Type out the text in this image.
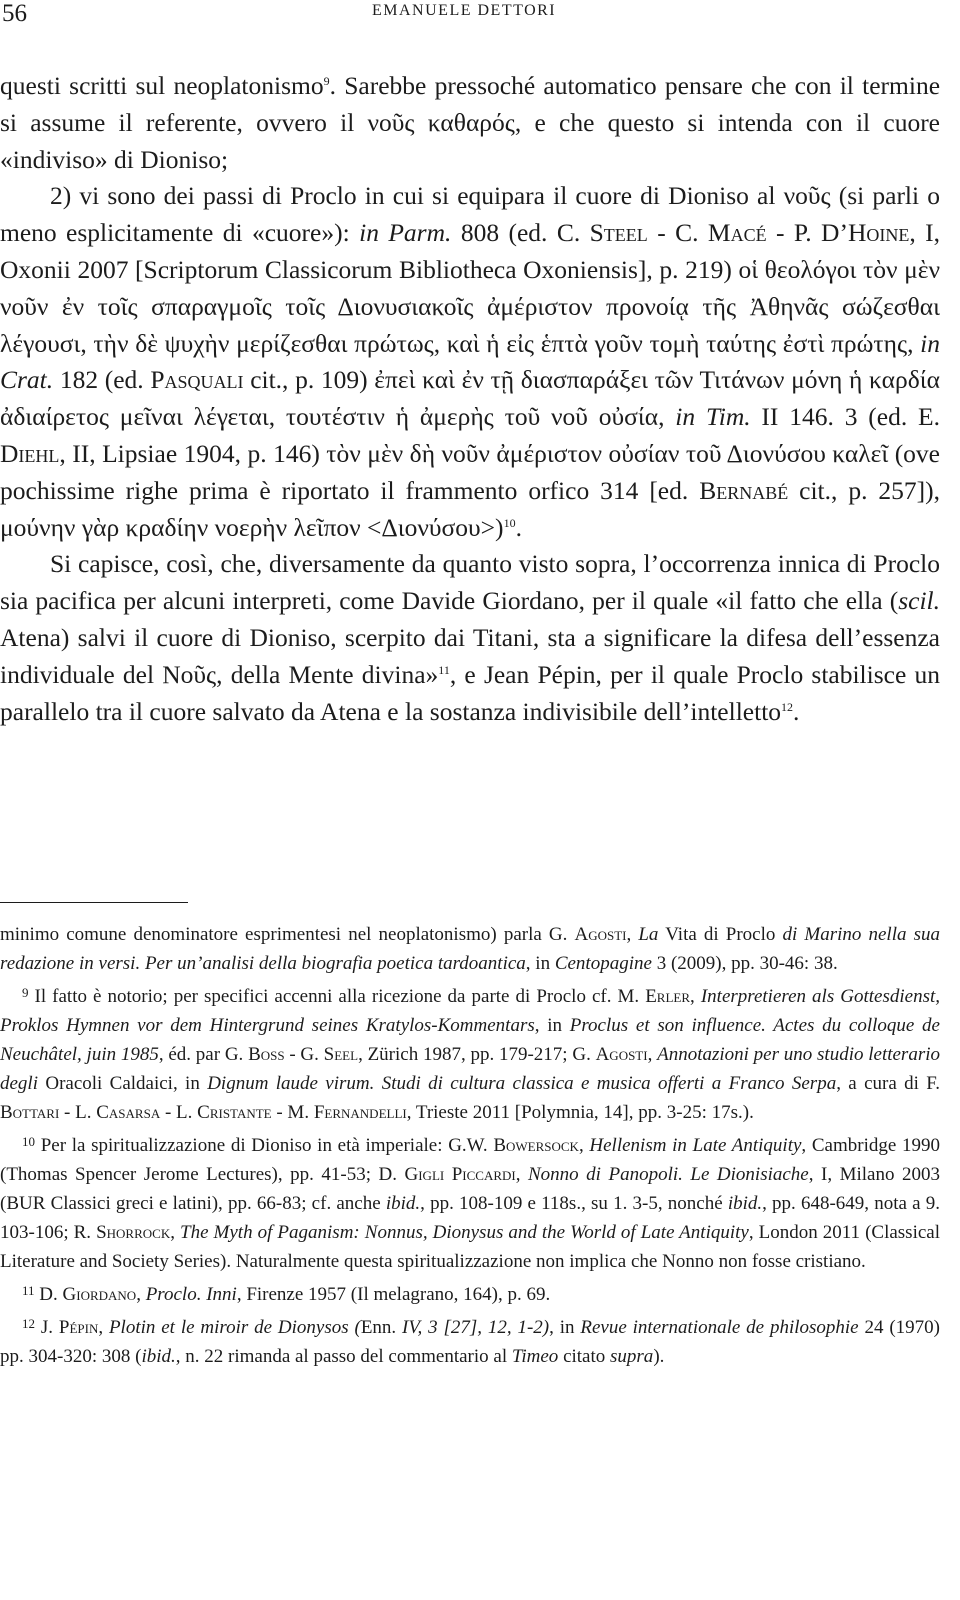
56	EMANUELE DETTORI

questi scritti sul neoplatonismo$^9$. Sarebbe pressoché automatico pensare che con il termine si assume il referente, ovvero il νοῦς καθαρός, e che questo si intenda con il cuore «indiviso» di Dioniso;

2) vi sono dei passi di Proclo in cui si equipara il cuore di Dioniso al νοῦς (si parli o meno esplicitamente di «cuore»): in Parm. 808 (ed. C. Steel - C. Macé - P. D’Hoine, I, Oxonii 2007 [Scriptorum Classicorum Bibliotheca Oxoniensis], p. 219) οἱ θεολόγοι τὸν μὲν νοῦν ἐν τοῖς σπαραγμοῖς τοῖς Διονυσιακοῖς ἀμέριστον προνοίᾳ τῆς Ἀθηνᾶς σώζεσθαι λέγουσι, τὴν δὲ ψυχὴν μερίζεσθαι πρώτως, καὶ ἡ εἰς ἑπτὰ γοῦν τομὴ ταύτης ἐστὶ πρώτης, in Crat. 182 (ed. Pasquali cit., p. 109) ἐπεὶ καὶ ἐν τῇ διασπαράξει τῶν Τιτάνων μόνη ἡ καρδία ἀδιαίρετος μεῖναι λέγεται, τουτέστιν ἡ ἀμερὴς τοῦ νοῦ οὐσία, in Tim. II 146. 3 (ed. E. Diehl, II, Lipsiae 1904, p. 146) τὸν μὲν δὴ νοῦν ἀμέριστον οὐσίαν τοῦ Διονύσου καλεῖ (ove pochissime righe prima è riportato il frammento orfico 314 [ed. Bernabé cit., p. 257]), μούνην γὰρ κραδίην νοερὴν λεῖπον <Διονύσου>)$^{10}$.

Si capisce, così, che, diversamente da quanto visto sopra, l’occorrenza innica di Proclo sia pacifica per alcuni interpreti, come Davide Giordano, per il quale «il fatto che ella (scil. Atena) salvi il cuore di Dioniso, scerpito dai Titani, sta a significare la difesa dell’essenza individuale del Νοῦς, della Mente divina»$^{11}$, e Jean Pépin, per il quale Proclo stabilisce un parallelo tra il cuore salvato da Atena e la sostanza indivisibile dell’intelletto$^{12}$.

minimo comune denominatore esprimentesi nel neoplatonismo) parla G. Agosti, La Vita di Proclo di Marino nella sua redazione in versi. Per un’analisi della biografia poetica tardoantica, in Centopagine 3 (2009), pp. 30-46: 38.

$^9$ Il fatto è notorio; per specifici accenni alla ricezione da parte di Proclo cf. M. Erler, Interpretieren als Gottesdienst, Proklos Hymnen vor dem Hintergrund seines Kratylos-Kommentars, in Proclus et son influence. Actes du colloque de Neuchâtel, juin 1985, éd. par G. Boss - G. Seel, Zürich 1987, pp. 179-217; G. Agosti, Annotazioni per uno studio letterario degli Oracoli Caldaici, in Dignum laude virum. Studi di cultura classica e musica offerti a Franco Serpa, a cura di F. Bottari - L. Casarsa - L. Cristante - M. Fernandelli, Trieste 2011 [Polymnia, 14], pp. 3-25: 17s.).

$^{10}$ Per la spiritualizzazione di Dioniso in età imperiale: G.W. Bowersock, Hellenism in Late Antiquity, Cambridge 1990 (Thomas Spencer Jerome Lectures), pp. 41-53; D. Gigli Piccardi, Nonno di Panopoli. Le Dionisiache, I, Milano 2003 (BUR Classici greci e latini), pp. 66-83; cf. anche ibid., pp. 108-109 e 118s., su 1. 3-5, nonché ibid., pp. 648-649, nota a 9. 103-106; R. Shorrock, The Myth of Paganism: Nonnus, Dionysus and the World of Late Antiquity, London 2011 (Classical Literature and Society Series). Naturalmente questa spiritualizzazione non implica che Nonno non fosse cristiano.

$^{11}$ D. Giordano, Proclo. Inni, Firenze 1957 (Il melagrano, 164), p. 69.

$^{12}$ J. Pépin, Plotin et le miroir de Dionysos (Enn. IV, 3 [27], 12, 1-2), in Revue internationale de philosophie 24 (1970) pp. 304-320: 308 (ibid., n. 22 rimanda al passo del commentario al Timeo citato supra).
